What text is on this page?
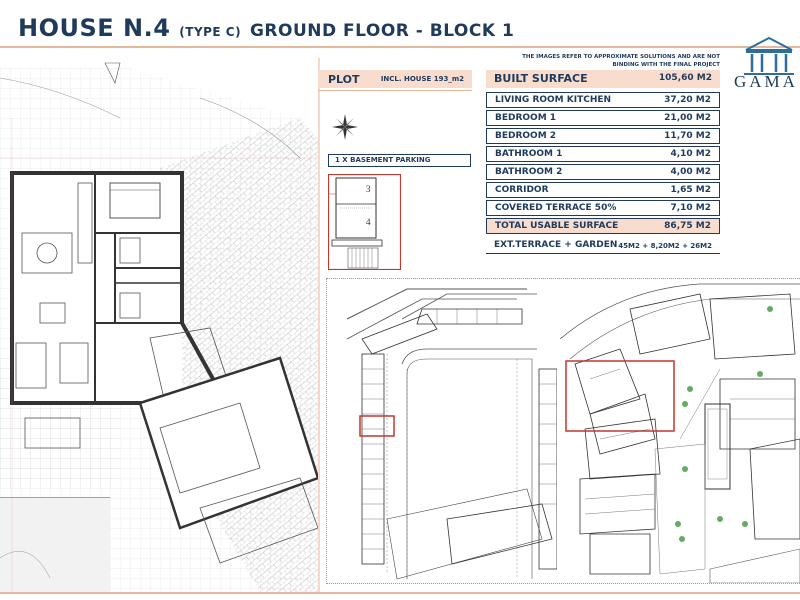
HOUSE N.4 (TYPE C) GROUND FLOOR - BLOCK 1
GAMA
THE IMAGES REFER TO APPROXIMATE SOLUTIONS AND ARE NOT BINDING WITH THE FINAL PROJECT
PLOT	INCL. HOUSE 193_m2
1 X BASEMENT PARKING
3
4
BUILT SURFACE	105,60 M2
LIVING ROOM KITCHEN	37,20 M2
BEDROOM 1	21,00 M2
BEDROOM 2	11,70 M2
BATHROOM 1	4,10 M2
BATHROOM 2	4,00 M2
CORRIDOR	1,65 M2
COVERED TERRACE 50%	7,10 M2
TOTAL USABLE SURFACE	86,75 M2
EXT.TERRACE + GARDEN 45M2 + 8,20M2 + 26M2
